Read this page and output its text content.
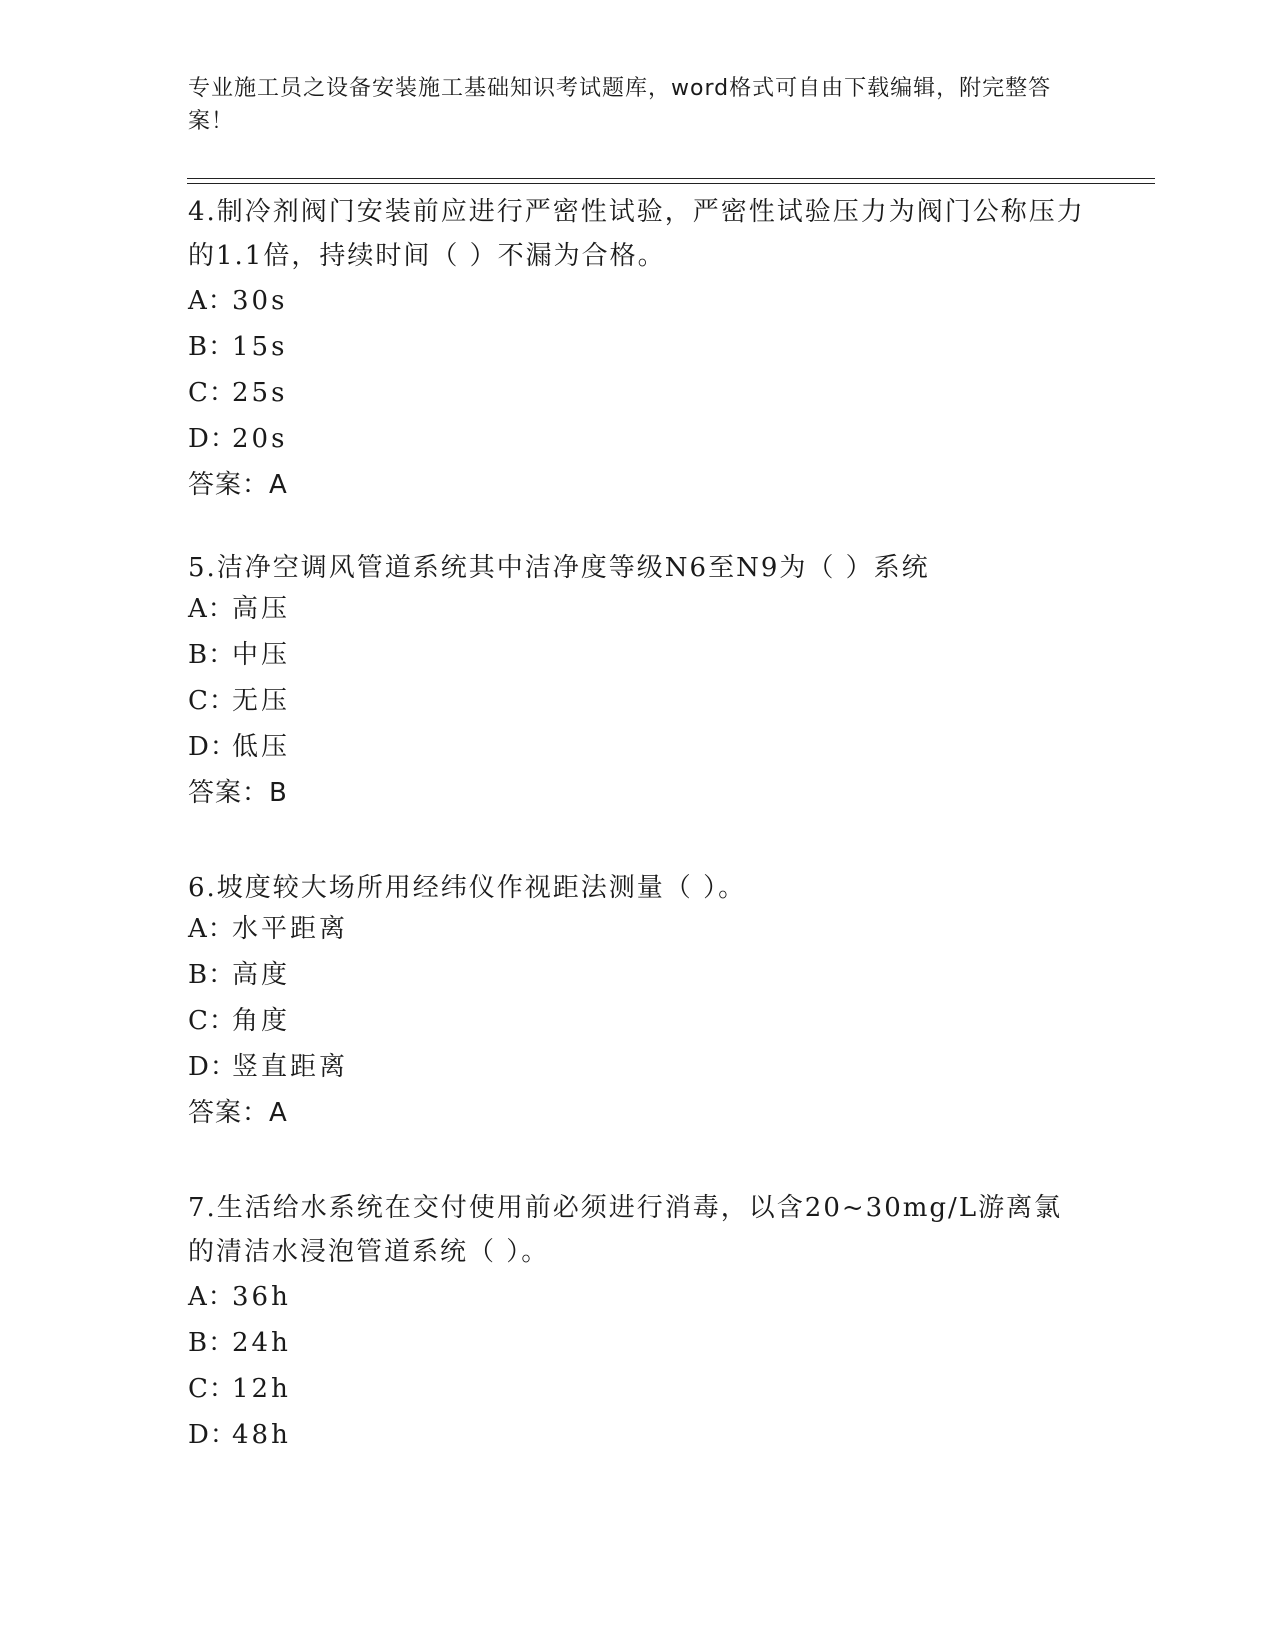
专业施工员之设备安装施工基础知识考试题库，word格式可自由下载编辑，附完整答案！

4.制冷剂阀门安装前应进行严密性试验，严密性试验压力为阀门公称压力的1.1倍，持续时间（ ）不漏为合格。

A：
30s
B：
15s
C：
25s
D：
20s
答案：A

5.洁净空调风管道系统其中洁净度等级N6至N9为（ ）系统

A：
高压
B：
中压
C：
无压
D：
低压
答案：B

6.坡度较大场所用经纬仪作视距法测量（ ）。

A：
水平距离
B：
高度
C：
角度
D：
竖直距离
答案：A

7.生活给水系统在交付使用前必须进行消毒，以含20~30mg/L游离氯的清洁水浸泡管道系统（ ）。

A：
36h
B：
24h
C：
12h
D：
48h
